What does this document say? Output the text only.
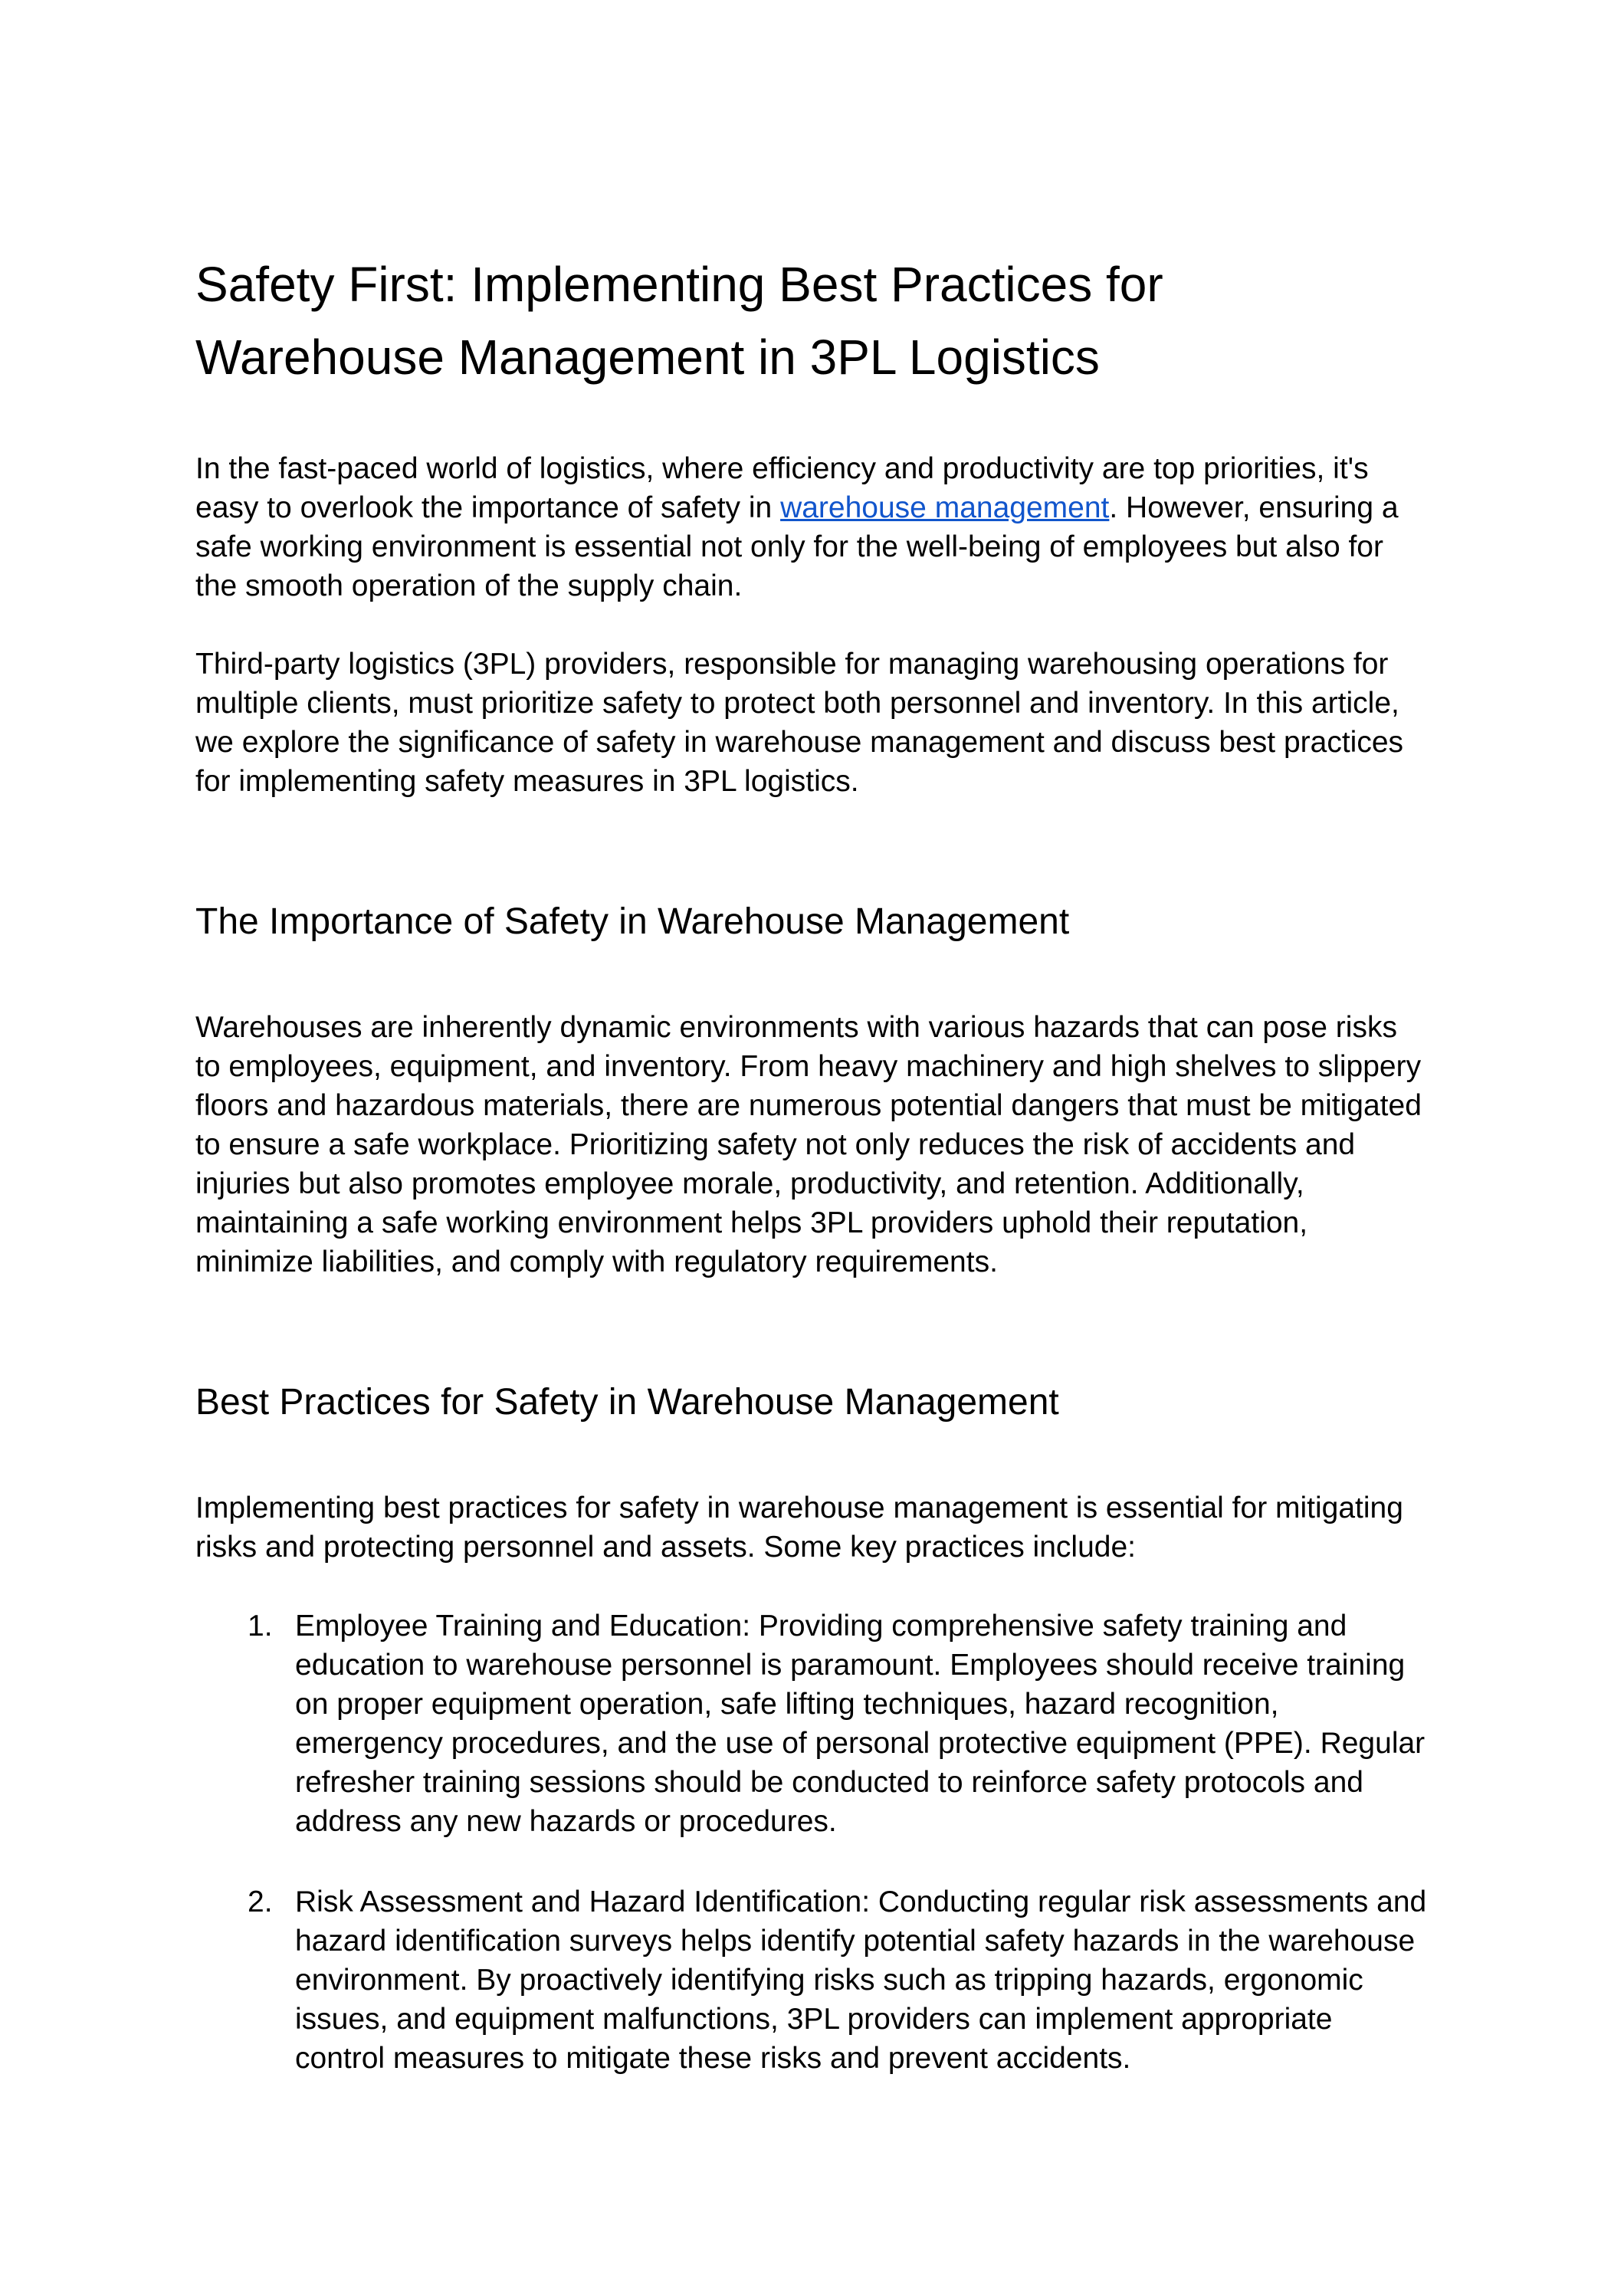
Safety First: Implementing Best Practices for Warehouse Management in 3PL Logistics

In the fast-paced world of logistics, where efficiency and productivity are top priorities, it's easy to overlook the importance of safety in warehouse management. However, ensuring a safe working environment is essential not only for the well-being of employees but also for the smooth operation of the supply chain.

Third-party logistics (3PL) providers, responsible for managing warehousing operations for multiple clients, must prioritize safety to protect both personnel and inventory. In this article, we explore the significance of safety in warehouse management and discuss best practices for implementing safety measures in 3PL logistics.

The Importance of Safety in Warehouse Management

Warehouses are inherently dynamic environments with various hazards that can pose risks to employees, equipment, and inventory. From heavy machinery and high shelves to slippery floors and hazardous materials, there are numerous potential dangers that must be mitigated to ensure a safe workplace. Prioritizing safety not only reduces the risk of accidents and injuries but also promotes employee morale, productivity, and retention. Additionally, maintaining a safe working environment helps 3PL providers uphold their reputation, minimize liabilities, and comply with regulatory requirements.

Best Practices for Safety in Warehouse Management

Implementing best practices for safety in warehouse management is essential for mitigating risks and protecting personnel and assets. Some key practices include:

1. Employee Training and Education: Providing comprehensive safety training and education to warehouse personnel is paramount. Employees should receive training on proper equipment operation, safe lifting techniques, hazard recognition, emergency procedures, and the use of personal protective equipment (PPE). Regular refresher training sessions should be conducted to reinforce safety protocols and address any new hazards or procedures.
2. Risk Assessment and Hazard Identification: Conducting regular risk assessments and hazard identification surveys helps identify potential safety hazards in the warehouse environment. By proactively identifying risks such as tripping hazards, ergonomic issues, and equipment malfunctions, 3PL providers can implement appropriate control measures to mitigate these risks and prevent accidents.
